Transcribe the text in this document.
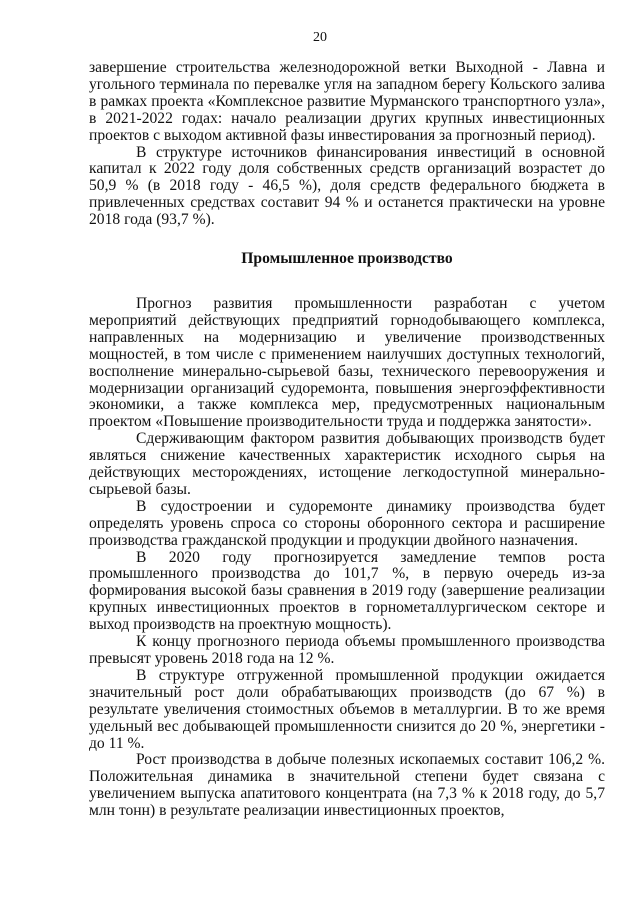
20

завершение строительства железнодорожной ветки Выходной - Лавна и угольного терминала по перевалке угля на западном берегу Кольского залива в рамках проекта «Комплексное развитие Мурманского транспортного узла», в 2021-2022 годах: начало реализации других крупных инвестиционных проектов с выходом активной фазы инвестирования за прогнозный период).

В структуре источников финансирования инвестиций в основной капитал к 2022 году доля собственных средств организаций возрастет до 50,9 % (в 2018 году - 46,5 %), доля средств федерального бюджета в привлеченных средствах составит 94 % и останется практически на уровне 2018 года (93,7 %).

Промышленное производство

Прогноз развития промышленности разработан с учетом мероприятий действующих предприятий горнодобывающего комплекса, направленных на модернизацию и увеличение производственных мощностей, в том числе с применением наилучших доступных технологий, восполнение минерально-сырьевой базы, технического перевооружения и модернизации организаций судоремонта, повышения энергоэффективности экономики, а также комплекса мер, предусмотренных национальным проектом «Повышение производительности труда и поддержка занятости».

Сдерживающим фактором развития добывающих производств будет являться снижение качественных характеристик исходного сырья на действующих месторождениях, истощение легкодоступной минерально-сырьевой базы.

В судостроении и судоремонте динамику производства будет определять уровень спроса со стороны оборонного сектора и расширение производства гражданской продукции и продукции двойного назначения.

В 2020 году прогнозируется замедление темпов роста промышленного производства до 101,7 %, в первую очередь из-за формирования высокой базы сравнения в 2019 году (завершение реализации крупных инвестиционных проектов в горнометаллургическом секторе и выход производств на проектную мощность).

К концу прогнозного периода объемы промышленного производства превысят уровень 2018 года на 12 %.

В структуре отгруженной промышленной продукции ожидается значительный рост доли обрабатывающих производств (до 67 %) в результате увеличения стоимостных объемов в металлургии. В то же время удельный вес добывающей промышленности снизится до 20 %, энергетики - до 11 %.

Рост производства в добыче полезных ископаемых составит 106,2 %. Положительная динамика в значительной степени будет связана с увеличением выпуска апатитового концентрата (на 7,3 % к 2018 году, до 5,7 млн тонн) в результате реализации инвестиционных проектов,
